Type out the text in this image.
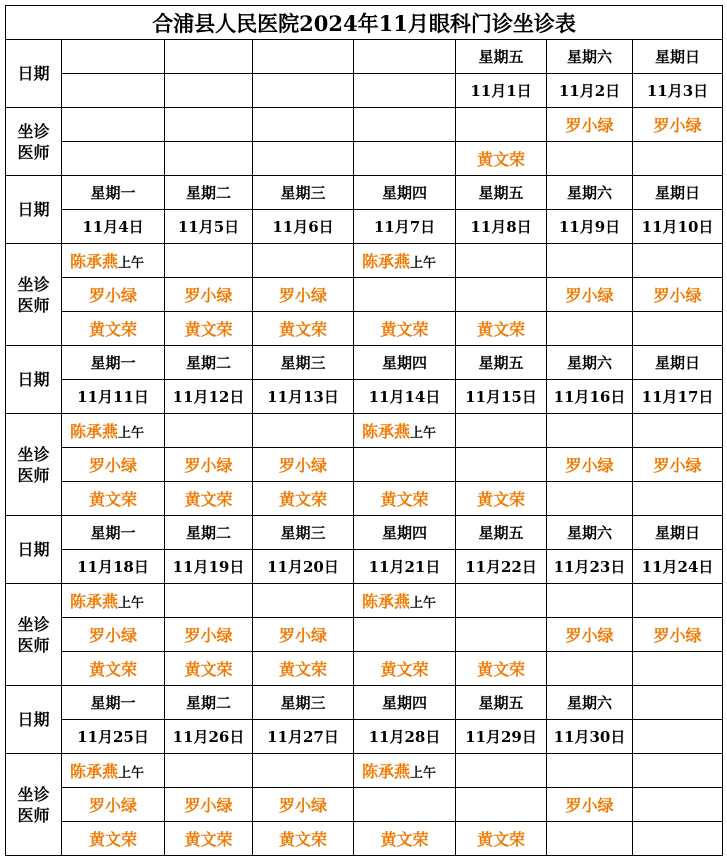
合浦县人民医院2024年11月眼科门诊坐诊表							
日期					星期五	星期六	星期日
					11月1日	11月2日	11月3日
坐诊
医师						罗小绿	罗小绿
					黄文荣		
日期	星期一	星期二	星期三	星期四	星期五	星期六	星期日
	11月4日	11月5日	11月6日	11月7日	11月8日	11月9日	11月10日
坐诊
医师	陈承燕上午			陈承燕上午			
	罗小绿	罗小绿	罗小绿			罗小绿	罗小绿
	黄文荣	黄文荣	黄文荣	黄文荣	黄文荣		
日期	星期一	星期二	星期三	星期四	星期五	星期六	星期日
	11月11日	11月12日	11月13日	11月14日	11月15日	11月16日	11月17日
坐诊
医师	陈承燕上午			陈承燕上午			
	罗小绿	罗小绿	罗小绿			罗小绿	罗小绿
	黄文荣	黄文荣	黄文荣	黄文荣	黄文荣		
日期	星期一	星期二	星期三	星期四	星期五	星期六	星期日
	11月18日	11月19日	11月20日	11月21日	11月22日	11月23日	11月24日
坐诊
医师	陈承燕上午			陈承燕上午			
	罗小绿	罗小绿	罗小绿			罗小绿	罗小绿
	黄文荣	黄文荣	黄文荣	黄文荣	黄文荣		
日期	星期一	星期二	星期三	星期四	星期五	星期六	
	11月25日	11月26日	11月27日	11月28日	11月29日	11月30日	
坐诊
医师	陈承燕上午			陈承燕上午			
	罗小绿	罗小绿	罗小绿			罗小绿	
	黄文荣	黄文荣	黄文荣	黄文荣	黄文荣		
